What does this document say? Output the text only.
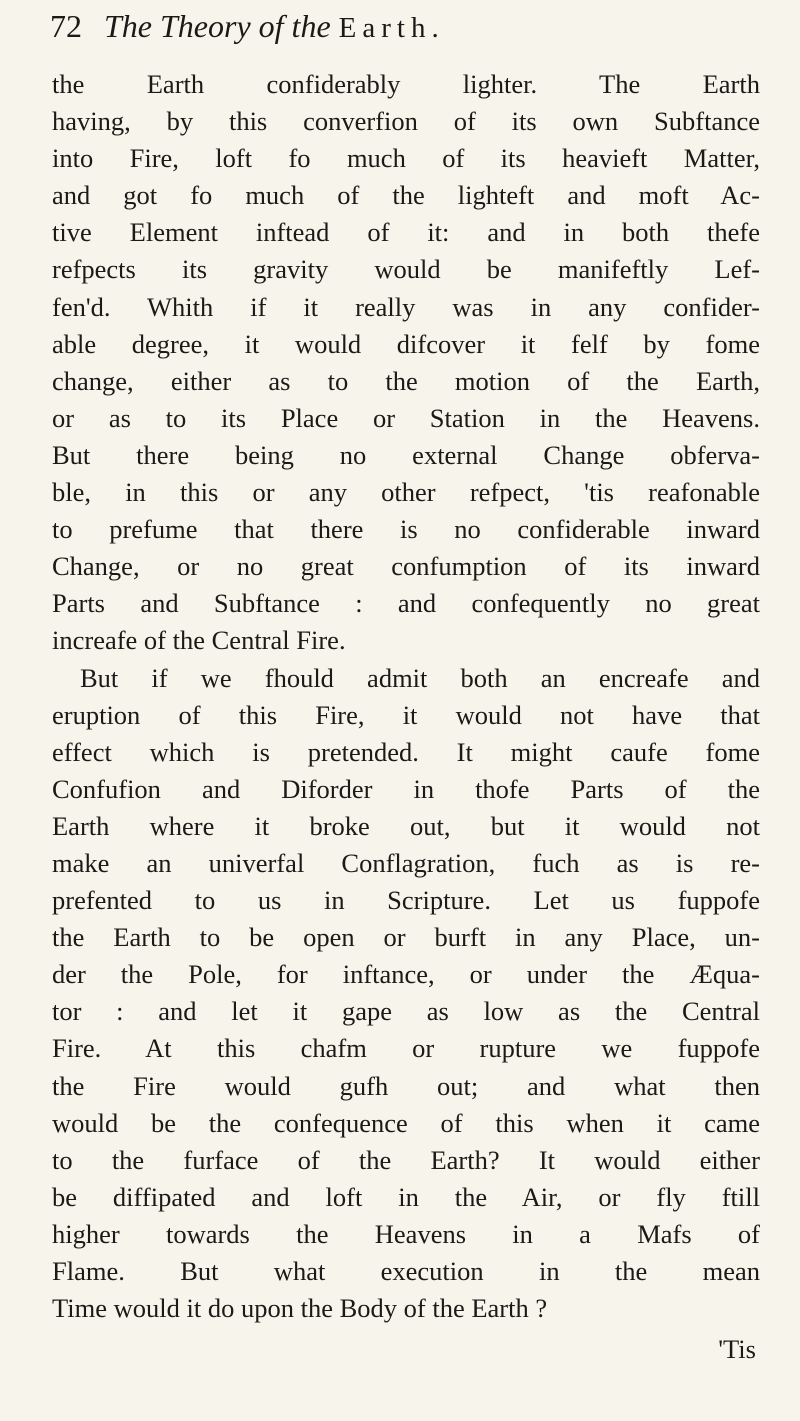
72 The Theory of the Earth.
the Earth confiderably lighter. The Earth
having, by this converfion of its own Subftance
into Fire, loft fo much of its heavieft Matter,
and got fo much of the lighteft and moft Ac-
tive Element inftead of it: and in both thefe
refpects its gravity would be manifeftly Lef-
fen'd. Whith if it really was in any confider-
able degree, it would difcover it felf by fome
change, either as to the motion of the Earth,
or as to its Place or Station in the Heavens.
But there being no external Change obferva-
ble, in this or any other refpect, 'tis reafonable
to prefume that there is no confiderable inward
Change, or no great confumption of its inward
Parts and Subftance : and confequently no great
increafe of the Central Fire.
But if we fhould admit both an encreafe and
eruption of this Fire, it would not have that
effect which is pretended. It might caufe fome
Confufion and Diforder in thofe Parts of the
Earth where it broke out, but it would not
make an univerfal Conflagration, fuch as is re-
prefented to us in Scripture. Let us fuppofe
the Earth to be open or burft in any Place, un-
der the Pole, for inftance, or under the Æqua-
tor : and let it gape as low as the Central
Fire. At this chafm or rupture we fuppofe
the Fire would gufh out; and what then
would be the confequence of this when it came
to the furface of the Earth? It would either
be diffipated and loft in the Air, or fly ftill
higher towards the Heavens in a Mafs of
Flame. But what execution in the mean
Time would it do upon the Body of the Earth ?
'Tis
